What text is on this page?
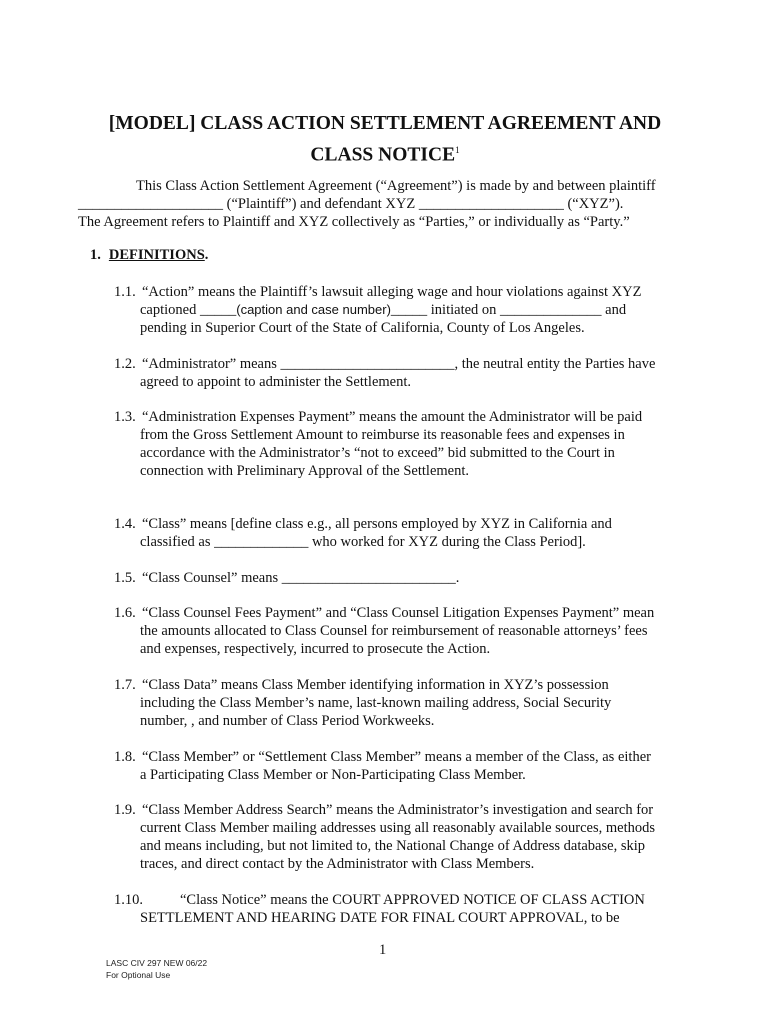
[MODEL] CLASS ACTION SETTLEMENT AGREEMENT AND
CLASS NOTICE$^1$
This Class Action Settlement Agreement (“Agreement”) is made by and between plaintiff
____________________ (“Plaintiff”) and defendant XYZ ____________________ (“XYZ”).
The Agreement refers to Plaintiff and XYZ collectively as “Parties,” or individually as “Party.”
1. DEFINITIONS.
1.1. “Action” means the Plaintiff’s lawsuit alleging wage and hour violations against XYZ
captioned _____(caption and case number)_____ initiated on ______________ and
pending in Superior Court of the State of California, County of Los Angeles.
1.2. “Administrator” means ________________________, the neutral entity the Parties have
agreed to appoint to administer the Settlement.
1.3. “Administration Expenses Payment” means the amount the Administrator will be paid
from the Gross Settlement Amount to reimburse its reasonable fees and expenses in
accordance with the Administrator’s “not to exceed” bid submitted to the Court in
connection with Preliminary Approval of the Settlement.
1.4. “Class” means [define class e.g., all persons employed by XYZ in California and
classified as _____________ who worked for XYZ during the Class Period].
1.5. “Class Counsel” means ________________________.
1.6. “Class Counsel Fees Payment” and “Class Counsel Litigation Expenses Payment” mean
the amounts allocated to Class Counsel for reimbursement of reasonable attorneys’ fees
and expenses, respectively, incurred to prosecute the Action.
1.7. “Class Data” means Class Member identifying information in XYZ’s possession
including the Class Member’s name, last-known mailing address, Social Security
number, , and number of Class Period Workweeks.
1.8. “Class Member” or “Settlement Class Member” means a member of the Class, as either
a Participating Class Member or Non-Participating Class Member.
1.9. “Class Member Address Search” means the Administrator’s investigation and search for
current Class Member mailing addresses using all reasonably available sources, methods
and means including, but not limited to, the National Change of Address database, skip
traces, and direct contact by the Administrator with Class Members.
1.10.	“Class Notice” means the COURT APPROVED NOTICE OF CLASS ACTION
SETTLEMENT AND HEARING DATE FOR FINAL COURT APPROVAL, to be
1
LASC CIV 297 NEW 06/22
For Optional Use
